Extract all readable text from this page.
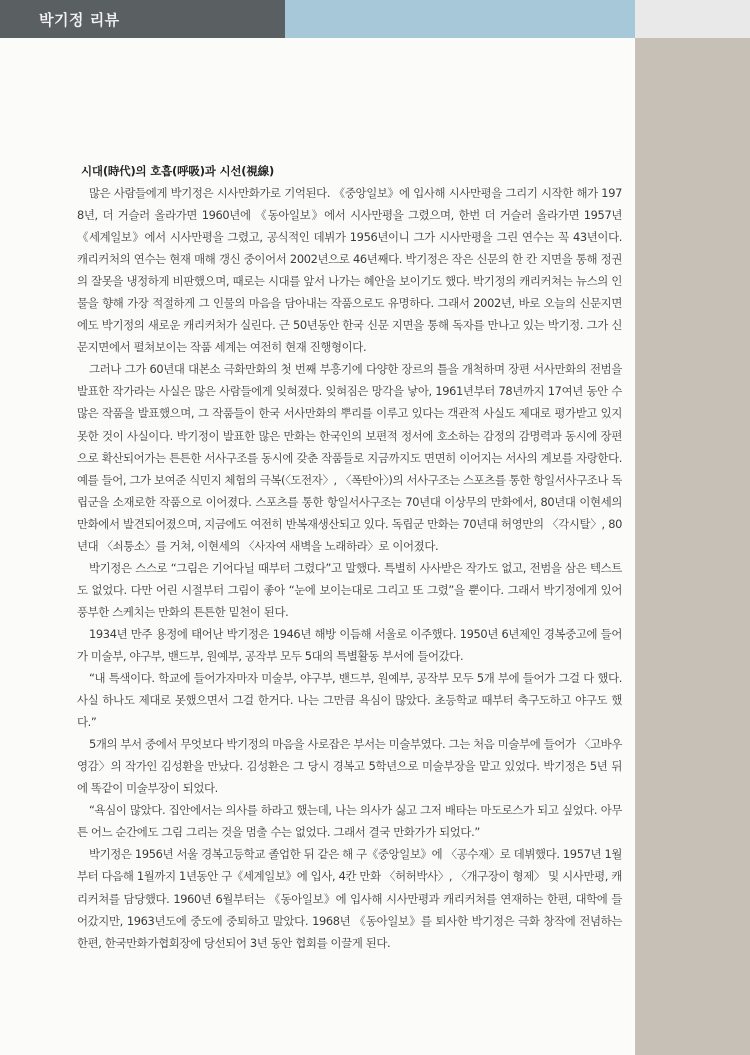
박기정 리뷰
시대(時代)의 호흡(呼吸)과 시선(視線)

많은 사람들에게 박기정은 시사만화가로 기억된다. 《중앙일보》에 입사해 시사만평을 그리기 시작한 해가 1978년, 더 거슬러 올라가면 1960년에 《동아일보》에서 시사만평을 그렸으며, 한번 더 거슬러 올라가면 1957년 《세계일보》에서 시사만평을 그렸고, 공식적인 데뷔가 1956년이니 그가 시사만평을 그린 연수는 꼭 43년이다. 캐리커처의 연수는 현재 매해 갱신 중이어서 2002년으로 46년째다. 박기정은 작은 신문의 한 칸 지면을 통해 정권의 잘못을 냉정하게 비판했으며, 때로는 시대를 앞서 나가는 혜안을 보이기도 했다. 박기정의 캐리커쳐는 뉴스의 인물을 향해 가장 적절하게 그 인물의 마음을 담아내는 작품으로도 유명하다. 그래서 2002년, 바로 오늘의 신문지면에도 박기정의 새로운 캐리커처가 실린다. 근 50년동안 한국 신문 지면을 통해 독자를 만나고 있는 박기정. 그가 신문지면에서 펼쳐보이는 작품 세계는 여전히 현재 진행형이다.

그러나 그가 60년대 대본소 극화만화의 첫 번째 부흥기에 다양한 장르의 틀을 개척하며 장편 서사만화의 전범을 발표한 작가라는 사실은 많은 사람들에게 잊혀졌다. 잊혀짐은 망각을 낳아, 1961년부터 78년까지 17여년 동안 수많은 작품을 발표했으며, 그 작품들이 한국 서사만화의 뿌리를 이루고 있다는 객관적 사실도 제대로 평가받고 있지 못한 것이 사실이다. 박기정이 발표한 많은 만화는 한국인의 보편적 정서에 호소하는 감정의 감명력과 동시에 장편으로 확산되어가는 튼튼한 서사구조를 동시에 갖춘 작품들로 지금까지도 면면히 이어지는 서사의 계보를 자랑한다. 예를 들어, 그가 보여준 식민지 체험의 극복(〈도전자〉, 〈폭탄아〉)의 서사구조는 스포츠를 통한 항일서사구조나 독립군을 소재로한 작품으로 이어졌다. 스포츠를 통한 항일서사구조는 70년대 이상무의 만화에서, 80년대 이현세의 만화에서 발견되어졌으며, 지금에도 여전히 반복재생산되고 있다. 독립군 만화는 70년대 허영만의 〈각시탈〉, 80년대 〈쇠퉁소〉를 거쳐, 이현세의 〈사자여 새벽을 노래하라〉로 이어졌다.

박기정은 스스로 “그림은 기어다닐 때부터 그렸다”고 말했다. 특별히 사사받은 작가도 없고, 전범을 삼은 텍스트도 없었다. 다만 어린 시절부터 그림이 좋아 “눈에 보이는대로 그리고 또 그렸”을 뿐이다. 그래서 박기정에게 있어 풍부한 스케치는 만화의 튼튼한 밑천이 된다.

1934년 만주 용정에 태어난 박기정은 1946년 해방 이듬해 서울로 이주했다. 1950년 6년제인 경복중고에 들어가 미술부, 야구부, 밴드부, 원예부, 공작부 모두 5대의 특별활동 부서에 들어갔다.

“내 특색이다. 학교에 들어가자마자 미술부, 야구부, 밴드부, 원예부, 공작부 모두 5개 부에 들어가 그걸 다 했다. 사실 하나도 제대로 못했으면서 그걸 한거다. 나는 그만큼 욕심이 많았다. 초등학교 때부터 축구도하고 야구도 했다.”

5개의 부서 중에서 무엇보다 박기정의 마음을 사로잡은 부서는 미술부였다. 그는 처음 미술부에 들어가 〈고바우 영감〉의 작가인 김성환을 만났다. 김성환은 그 당시 경복고 5학년으로 미술부장을 맡고 있었다. 박기정은 5년 뒤에 똑같이 미술부장이 되었다.

“욕심이 많았다. 집안에서는 의사를 하라고 했는데, 나는 의사가 싫고 그저 배타는 마도로스가 되고 싶었다. 아무튼 어느 순간에도 그림 그리는 것을 멈출 수는 없었다. 그래서 결국 만화가가 되었다.”

박기정은 1956년 서울 경복고등학교 졸업한 뒤 같은 해 구《중앙일보》에 〈공수재〉로 데뷔했다. 1957년 1월부터 다음해 1월까지 1년동안 구《세계일보》에 입사, 4칸 만화 〈허허박사〉, 〈개구장이 형제〉 및 시사만평, 캐리커쳐를 담당했다. 1960년 6월부터는 《동아일보》에 입사해 시사만평과 캐리커쳐를 연재하는 한편, 대학에 들어갔지만, 1963년도에 중도에 중퇴하고 말았다. 1968년 《동아일보》를 퇴사한 박기정은 극화 창작에 전념하는 한편, 한국만화가협회장에 당선되어 3년 동안 협회를 이끌게 된다.
